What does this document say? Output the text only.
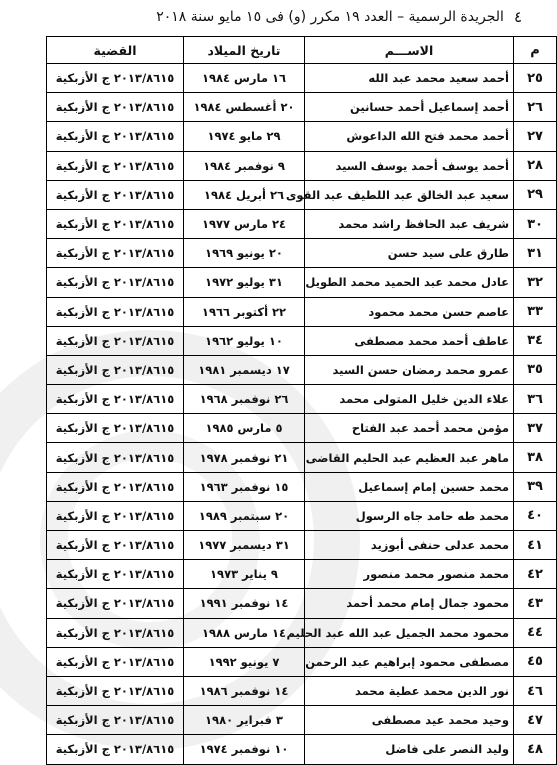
٤
الجريدة الرسمية – العدد ١٩ مكرر (و) فى ١٥ مايو سنة ٢٠١٨
م	الاســـم	تاريخ الميلاد	القضية
٢٥	أحمد سعيد محمد عبد الله	١٦ مارس ١٩٨٤	٢٠١٣/٨٦١٥ ج الأزبكية
٢٦	أحمد إسماعيل أحمد حسانين	٢٠ أغسطس ١٩٨٤	٢٠١٣/٨٦١٥ ج الأزبكية
٢٧	أحمد محمد فتح الله الداعوش	٢٩ مايو ١٩٧٤	٢٠١٣/٨٦١٥ ج الأزبكية
٢٨	أحمد يوسف أحمد يوسف السيد	٩ نوفمبر ١٩٨٤	٢٠١٣/٨٦١٥ ج الأزبكية
٢٩	سعيد عبد الخالق عبد اللطيف عبد القوى	٢٦ أبريل ١٩٨٤	٢٠١٣/٨٦١٥ ج الأزبكية
٣٠	شريف عبد الحافظ راشد محمد	٢٤ مارس ١٩٧٧	٢٠١٣/٨٦١٥ ج الأزبكية
٣١	طارق على سيد حسن	٢٠ يونيو ١٩٦٩	٢٠١٣/٨٦١٥ ج الأزبكية
٣٢	عادل محمد عبد الحميد محمد الطويل	٣١ يوليو ١٩٧٢	٢٠١٣/٨٦١٥ ج الأزبكية
٣٣	عاصم حسن محمد محمود	٢٢ أكتوبر ١٩٦٦	٢٠١٣/٨٦١٥ ج الأزبكية
٣٤	عاطف أحمد محمد مصطفى	١٠ يوليو ١٩٦٢	٢٠١٣/٨٦١٥ ج الأزبكية
٣٥	عمرو محمد رمضان حسن السيد	١٧ ديسمبر ١٩٨١	٢٠١٣/٨٦١٥ ج الأزبكية
٣٦	علاء الدين خليل المتولى محمد	٢٦ نوفمبر ١٩٦٨	٢٠١٣/٨٦١٥ ج الأزبكية
٣٧	مؤمن محمد أحمد عبد الفتاح	٥ مارس ١٩٨٥	٢٠١٣/٨٦١٥ ج الأزبكية
٣٨	ماهر عبد العظيم عبد الحليم القاضى	٢١ نوفمبر ١٩٧٨	٢٠١٣/٨٦١٥ ج الأزبكية
٣٩	محمد حسين إمام إسماعيل	١٥ نوفمبر ١٩٦٣	٢٠١٣/٨٦١٥ ج الأزبكية
٤٠	محمد طه حامد جاه الرسول	٢٠ سبتمبر ١٩٨٩	٢٠١٣/٨٦١٥ ج الأزبكية
٤١	محمد عدلى حنفى أبوزيد	٣١ ديسمبر ١٩٧٧	٢٠١٣/٨٦١٥ ج الأزبكية
٤٢	محمد منصور محمد منصور	٩ يناير ١٩٧٣	٢٠١٣/٨٦١٥ ج الأزبكية
٤٣	محمود جمال إمام محمد أحمد	١٤ نوفمبر ١٩٩١	٢٠١٣/٨٦١٥ ج الأزبكية
٤٤	محمود محمد الجميل عبد الله عبد الحليم	١٤ مارس ١٩٨٨	٢٠١٣/٨٦١٥ ج الأزبكية
٤٥	مصطفى محمود إبراهيم عبد الرحمن	٧ يونيو ١٩٩٢	٢٠١٣/٨٦١٥ ج الأزبكية
٤٦	نور الدين محمد عطية محمد	١٤ نوفمبر ١٩٨٦	٢٠١٣/٨٦١٥ ج الأزبكية
٤٧	وحيد محمد عيد مصطفى	٣ فبراير ١٩٨٠	٢٠١٣/٨٦١٥ ج الأزبكية
٤٨	وليد النصر على فاضل	١٠ نوفمبر ١٩٧٤	٢٠١٣/٨٦١٥ ج الأزبكية
